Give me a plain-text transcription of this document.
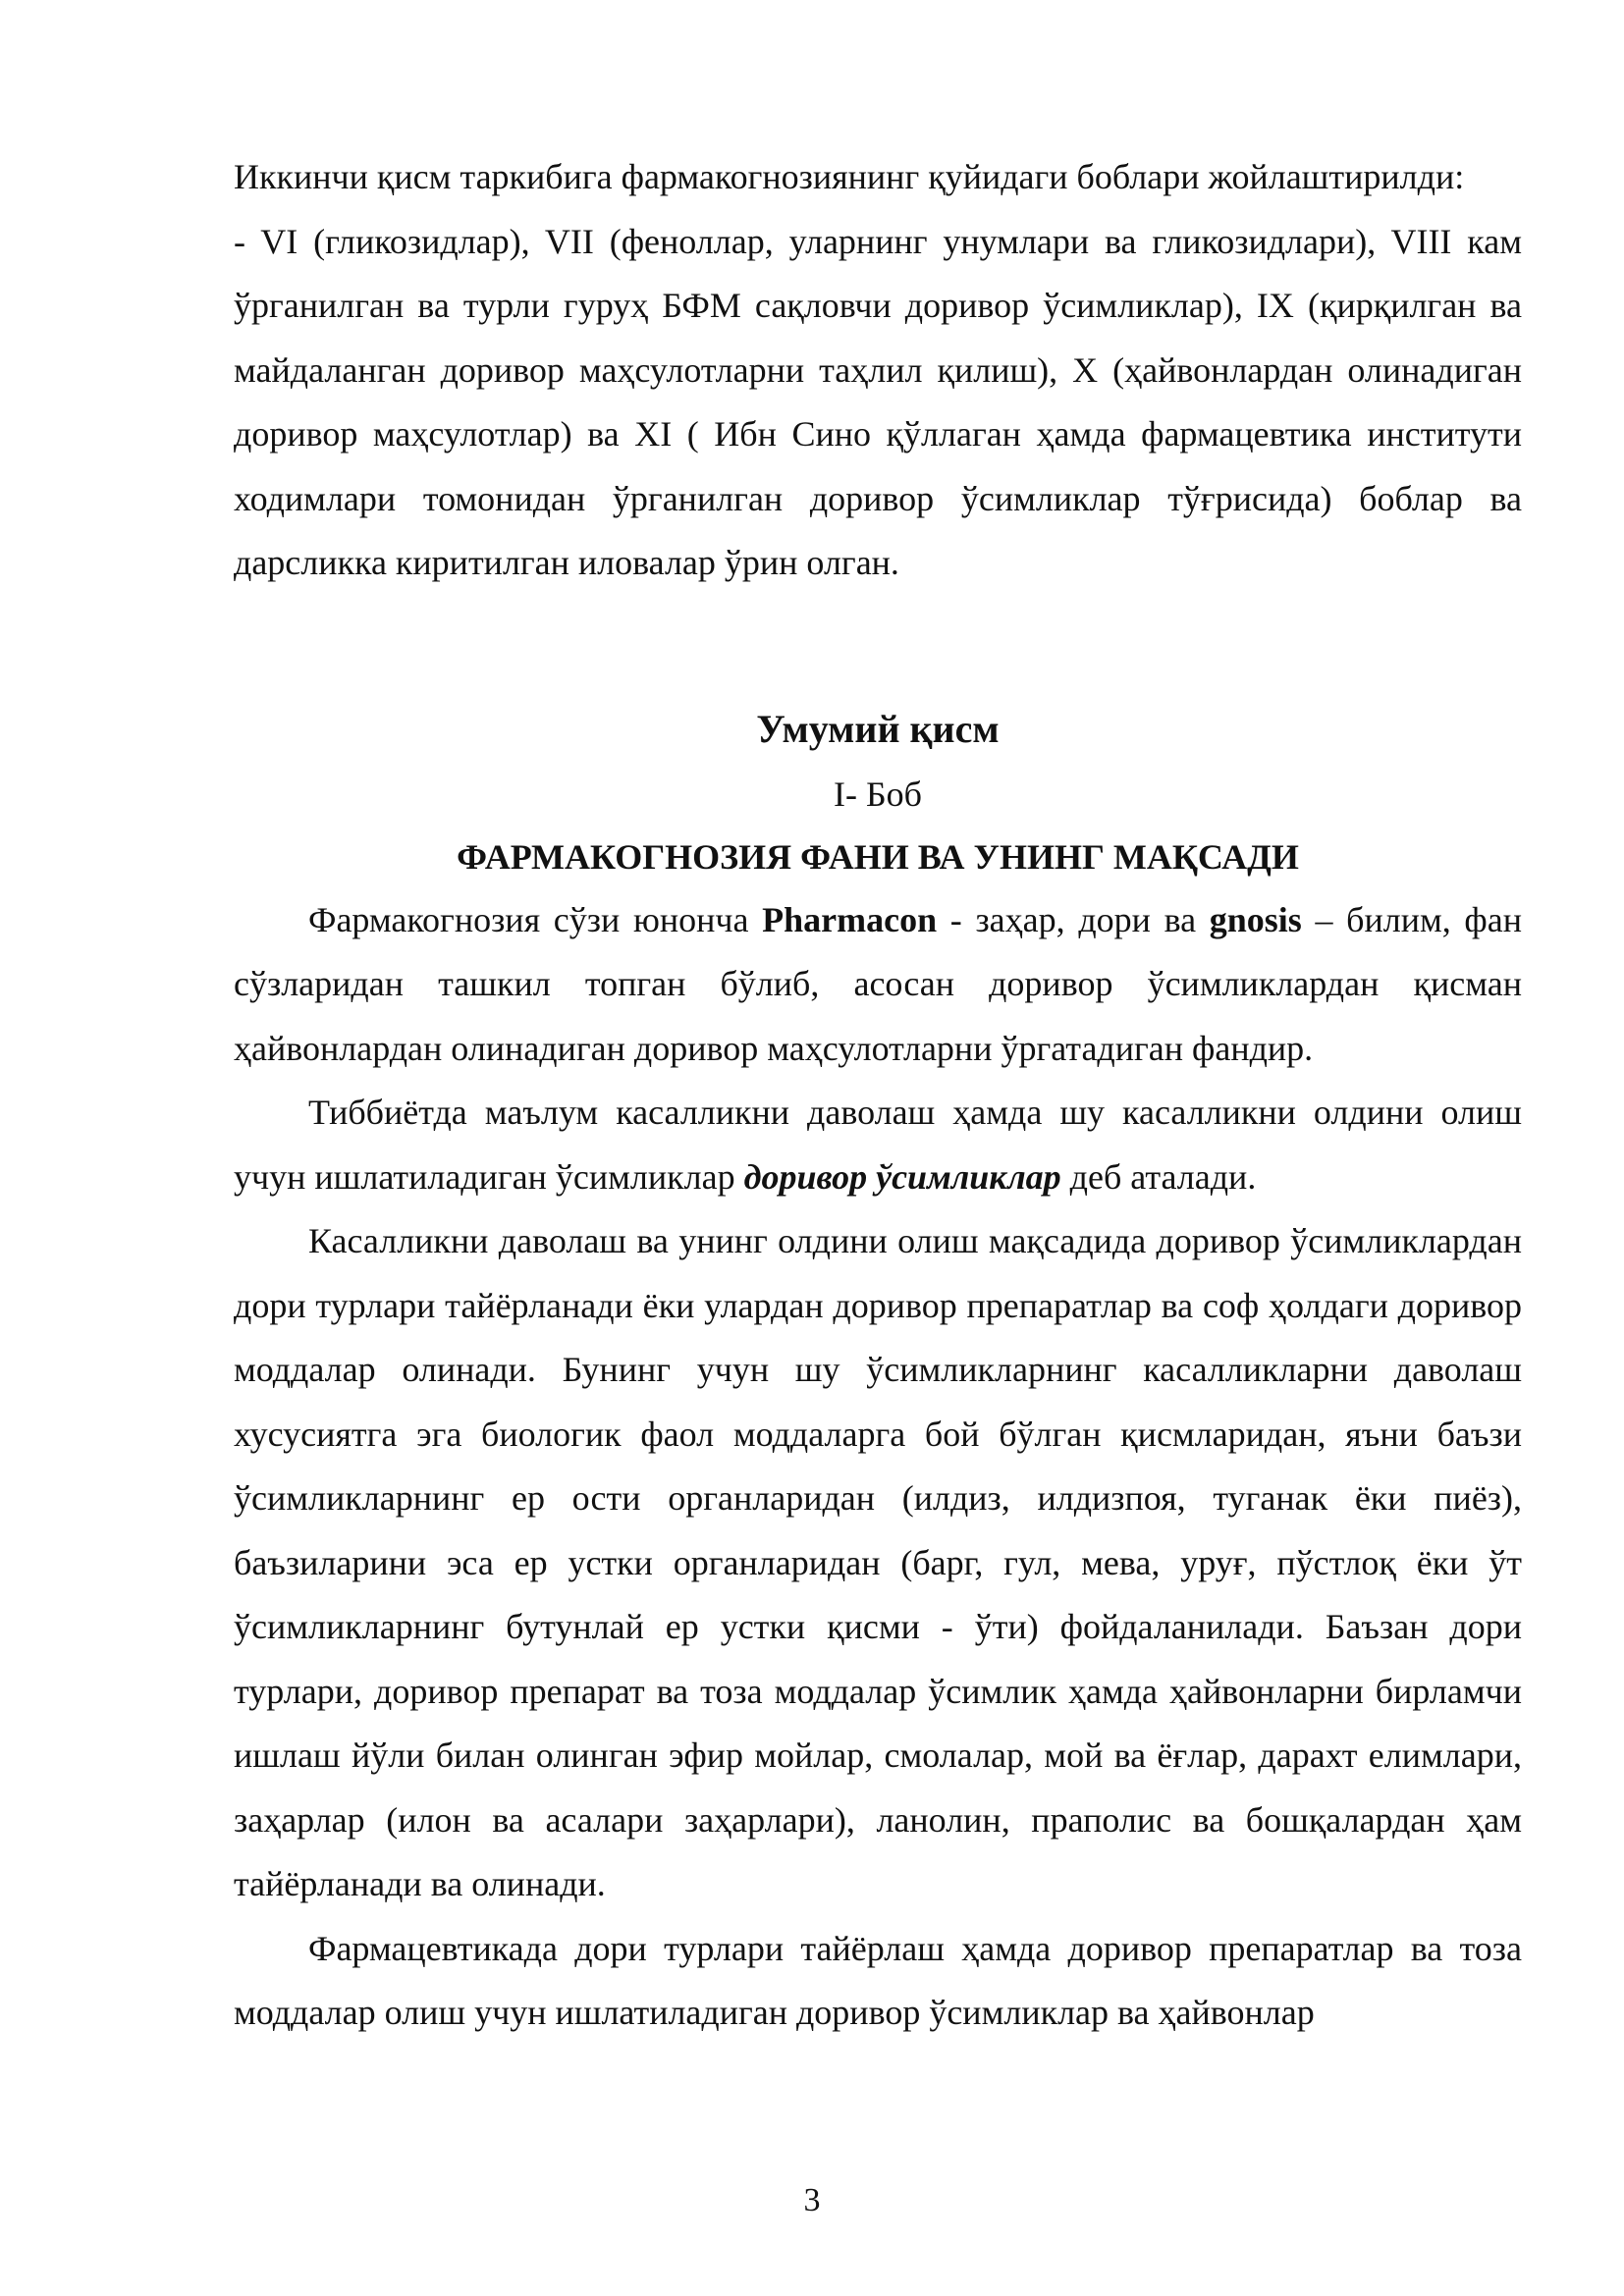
Иккинчи қисм таркибига фармакогнозиянинг қуйидаги боблари жойлаштирилди:

- VI (гликозидлар), VII (феноллар, уларнинг унумлари ва гликозидлари), VIII кам ўрганилган ва турли гуруҳ БФМ сақловчи доривор ўсимликлар), IX (қирқилган ва майдаланган доривор маҳсулотларни таҳлил қилиш), X (ҳайвонлардан олинадиган доривор маҳсулотлар) ва XI ( Ибн Сино қўллаган ҳамда фармацевтика институти ходимлари томонидан ўрганилган доривор ўсимликлар тўғрисида) боблар ва дарсликка киритилган иловалар ўрин олган.

Умумий қисм

I- Боб

ФАРМАКОГНОЗИЯ ФАНИ ВА УНИНГ МАҚСАДИ

Фармакогнозия сўзи юнонча Pharmacon - заҳар, дори ва gnosis – билим, фан сўзларидан ташкил топган бўлиб, асосан доривор ўсимликлардан қисман ҳайвонлардан олинадиган доривор маҳсулотларни ўргатадиган фандир.

Тиббиётда маълум касалликни даволаш ҳамда шу касалликни олдини олиш учун ишлатиладиган ўсимликлар доривор ўсимликлар деб аталади.

Касалликни даволаш ва унинг олдини олиш мақсадида доривор ўсимликлардан дори турлари тайёрланади ёки улардан доривор препаратлар ва соф ҳолдаги доривор моддалар олинади. Бунинг учун шу ўсимликларнинг касалликларни даволаш хусусиятга эга биологик фаол моддаларга бой бўлган қисмларидан, яъни баъзи ўсимликларнинг ер ости органларидан (илдиз, илдизпоя, туганак ёки пиёз), баъзиларини эса ер устки органларидан (барг, гул, мева, уруғ, пўстлоқ ёки ўт ўсимликларнинг бутунлай ер устки қисми - ўти) фойдаланилади. Баъзан дори турлари, доривор препарат ва тоза моддалар ўсимлик ҳамда ҳайвонларни бирламчи ишлаш йўли билан олинган эфир мойлар, смолалар, мой ва ёғлар, дарахт елимлари, заҳарлар (илон ва асалари заҳарлари), ланолин, праполис ва бошқалардан ҳам тайёрланади ва олинади.

Фармацевтикада дори турлари тайёрлаш ҳамда доривор препаратлар ва тоза моддалар олиш учун ишлатиладиган доривор ўсимликлар ва ҳайвонлар

3
